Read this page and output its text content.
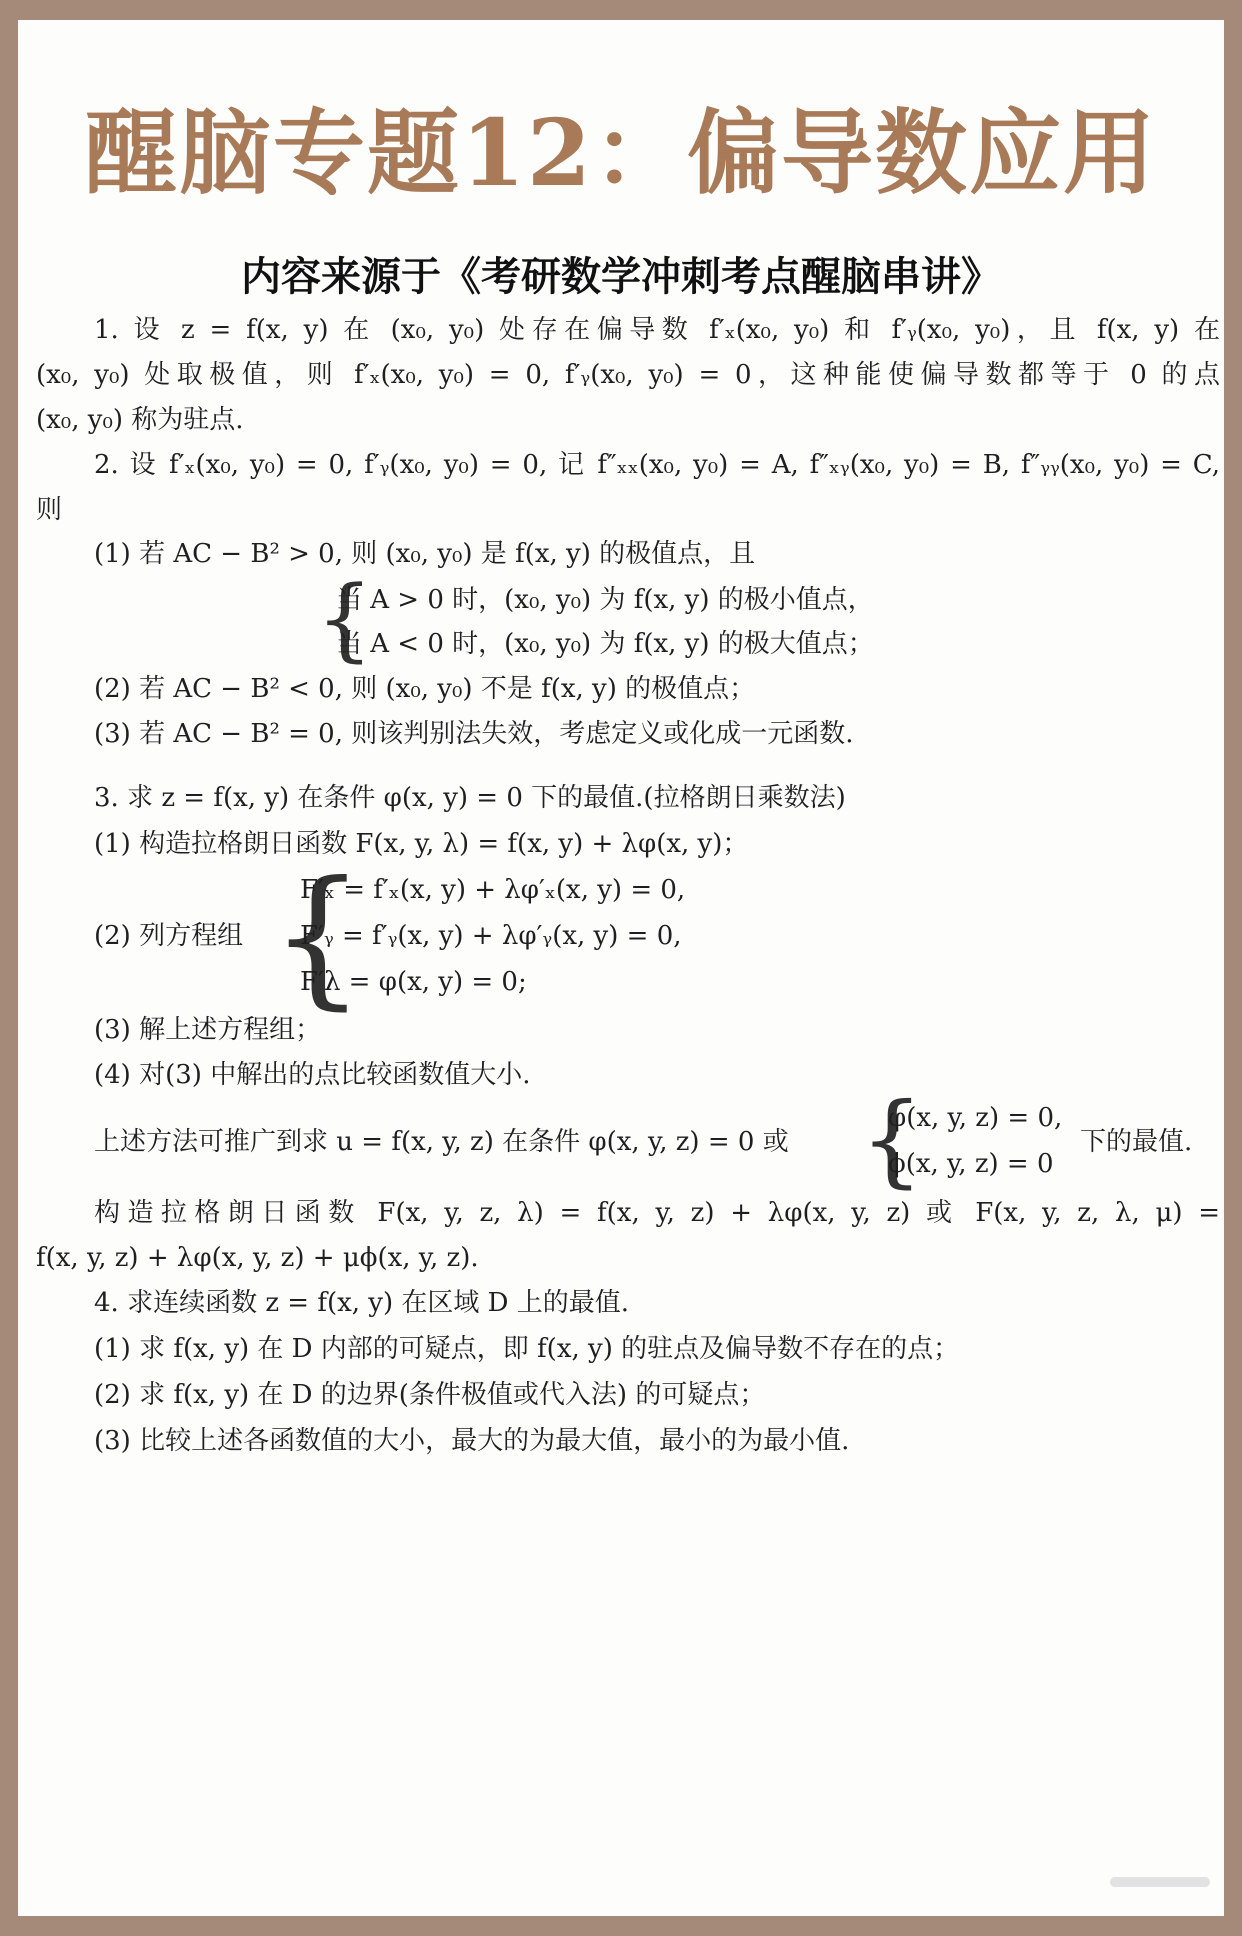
醒脑专题12：偏导数应用
内容来源于《考研数学冲刺考点醒脑串讲》
1. 设 z = f(x, y) 在 (x₀, y₀) 处存在偏导数 f′ₓ(x₀, y₀) 和 f′ᵧ(x₀, y₀)，且 f(x, y) 在
(x₀, y₀) 处取极值，则 f′ₓ(x₀, y₀) = 0, f′ᵧ(x₀, y₀) = 0，这种能使偏导数都等于 0 的点
(x₀, y₀) 称为驻点.
2. 设 f′ₓ(x₀, y₀) = 0, f′ᵧ(x₀, y₀) = 0, 记 f″ₓₓ(x₀, y₀) = A, f″ₓᵧ(x₀, y₀) = B, f″ᵧᵧ(x₀, y₀) = C,
则
(1) 若 AC − B² > 0, 则 (x₀, y₀) 是 f(x, y) 的极值点，且
{
当 A > 0 时，(x₀, y₀) 为 f(x, y) 的极小值点，
当 A < 0 时，(x₀, y₀) 为 f(x, y) 的极大值点；
(2) 若 AC − B² < 0, 则 (x₀, y₀) 不是 f(x, y) 的极值点；
(3) 若 AC − B² = 0, 则该判别法失效，考虑定义或化成一元函数.
3. 求 z = f(x, y) 在条件 φ(x, y) = 0 下的最值.(拉格朗日乘数法)
(1) 构造拉格朗日函数 F(x, y, λ) = f(x, y) + λφ(x, y)；
(2) 列方程组 {
F′ₓ = f′ₓ(x, y) + λφ′ₓ(x, y) = 0,
F′ᵧ = f′ᵧ(x, y) + λφ′ᵧ(x, y) = 0,
F′λ = φ(x, y) = 0;
(3) 解上述方程组；
(4) 对(3) 中解出的点比较函数值大小.
上述方法可推广到求 u = f(x, y, z) 在条件 φ(x, y, z) = 0 或 {
φ(x, y, z) = 0,
ϕ(x, y, z) = 0
下的最值.
构造拉格朗日函数 F(x, y, z, λ) = f(x, y, z) + λφ(x, y, z) 或 F(x, y, z, λ, μ) =
f(x, y, z) + λφ(x, y, z) + μϕ(x, y, z).
4. 求连续函数 z = f(x, y) 在区域 D 上的最值.
(1) 求 f(x, y) 在 D 内部的可疑点，即 f(x, y) 的驻点及偏导数不存在的点；
(2) 求 f(x, y) 在 D 的边界(条件极值或代入法) 的可疑点；
(3) 比较上述各函数值的大小，最大的为最大值，最小的为最小值.
